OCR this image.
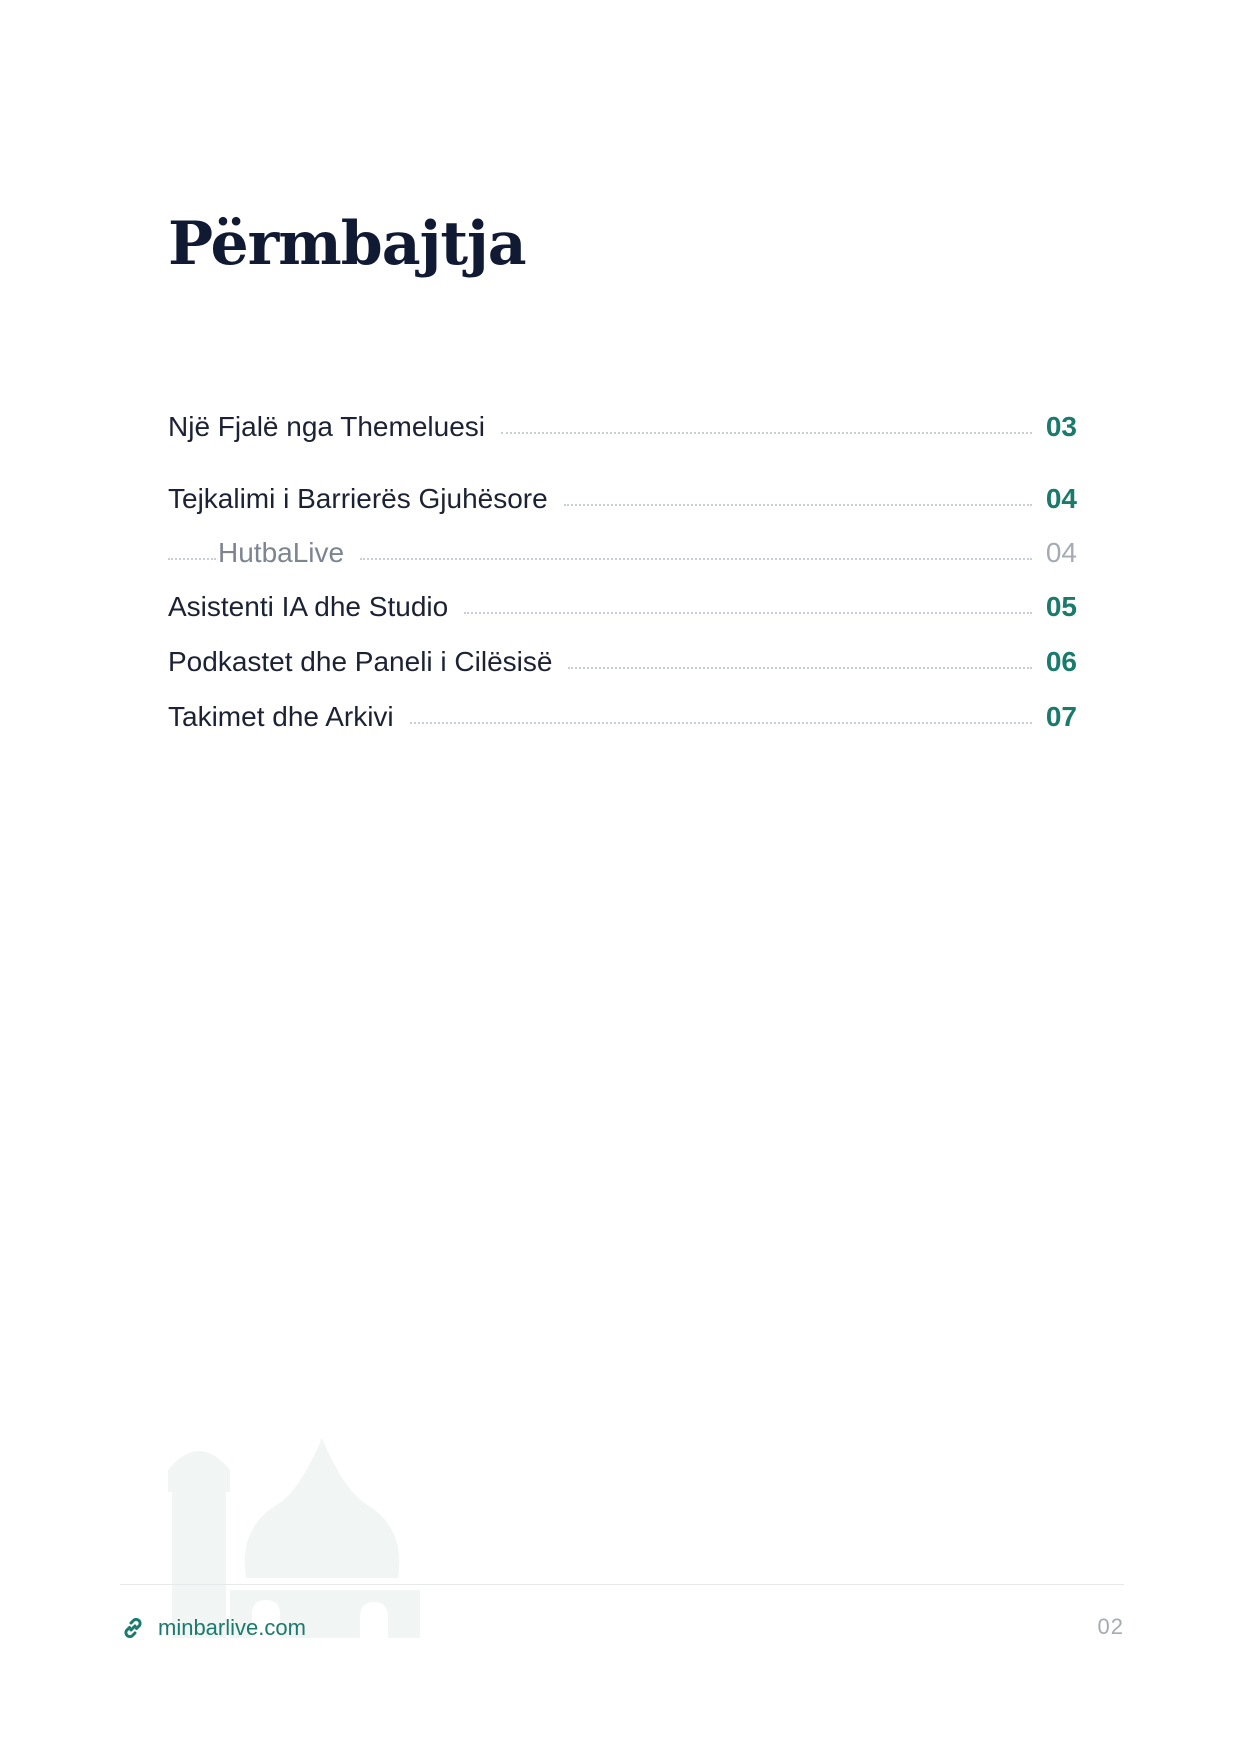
Përmbajtja
Një Fjalë nga Themeluesi	03
Tejkalimi i Barrierës Gjuhësore	04
HutbaLive	04
Asistenti IA dhe Studio	05
Podkastet dhe Paneli i Cilësisë	06
Takimet dhe Arkivi	07
minbarlive.com	02
